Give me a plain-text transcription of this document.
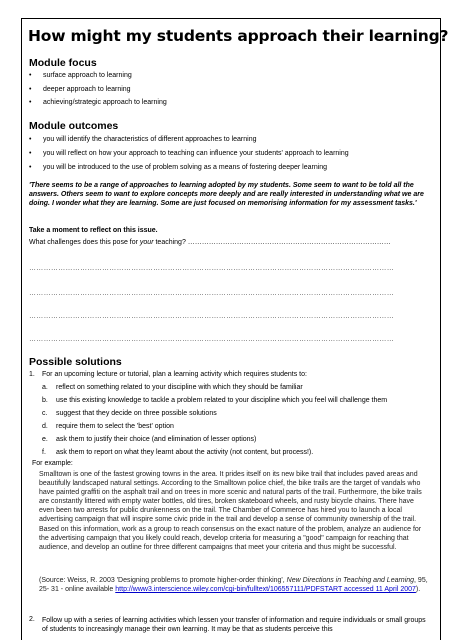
How might my students approach their learning?
Module focus
• surface approach to learning
• deeper approach to learning
• achieving/strategic approach to learning
Module outcomes
• you will identify the characteristics of different approaches to learning
• you will reflect on how your approach to teaching can influence your students' approach to learning
• you will be introduced to the use of problem solving as a means of fostering deeper learning
'There seems to be a range of approaches to learning adopted by my students. Some seem to want to be told all the answers. Others seem to want to explore concepts more deeply and are really interested in understanding what we are doing. I wonder what they are learning. Some are just focused on memorising information for my assessment tasks.'
Take a moment to reflect on this issue.
What challenges does this pose for your teaching? ……………………………………………………………………………
……………………………………………………………………………………………………………………………………
……………………………………………………………………………………………………………………………………
……………………………………………………………………………………………………………………………………
……………………………………………………………………………………………………………………………………
Possible solutions
1. For an upcoming lecture or tutorial, plan a learning activity which requires students to:
a. reflect on something related to your discipline with which they should be familiar
b. use this existing knowledge to tackle a problem related to your discipline which you feel will challenge them
c. suggest that they decide on three possible solutions
d. require them to select the 'best' option
e. ask them to justify their choice (and elimination of lesser options)
f. ask them to report on what they learnt about the activity (not content, but process!).
For example:
Smalltown is one of the fastest growing towns in the area. It prides itself on its new bike trail that includes paved areas and beautifully landscaped natural settings. According to the Smalltown police chief, the bike trails are the target of vandals who have painted graffiti on the asphalt trail and on trees in more scenic and natural parts of the trail. Furthermore, the bike trails are constantly littered with empty water bottles, old tires, broken skateboard wheels, and rusty bicycle chains. There have even been two arrests for public drunkenness on the trail. The Chamber of Commerce has hired you to launch a local advertising campaign that will inspire some civic pride in the trail and develop a sense of community ownership of the trail. Based on this information, work as a group to reach consensus on the exact nature of the problem, analyze an audience for the advertising campaign that you likely could reach, develop criteria for measuring a "good" campaign for reaching that audience, and develop an outline for three different campaigns that meet your criteria and thus might be successful.
(Source: Weiss, R. 2003 'Designing problems to promote higher-order thinking', New Directions in Teaching and Learning, 95, 25- 31 - online available http://www3.interscience.wiley.com/cgi-bin/fulltext/106557111/PDFSTART accessed 11 April 2007).
2. Follow up with a series of learning activities which lessen your transfer of information and require individuals or small groups of students to increasingly manage their own learning. It may be that as students perceive this
